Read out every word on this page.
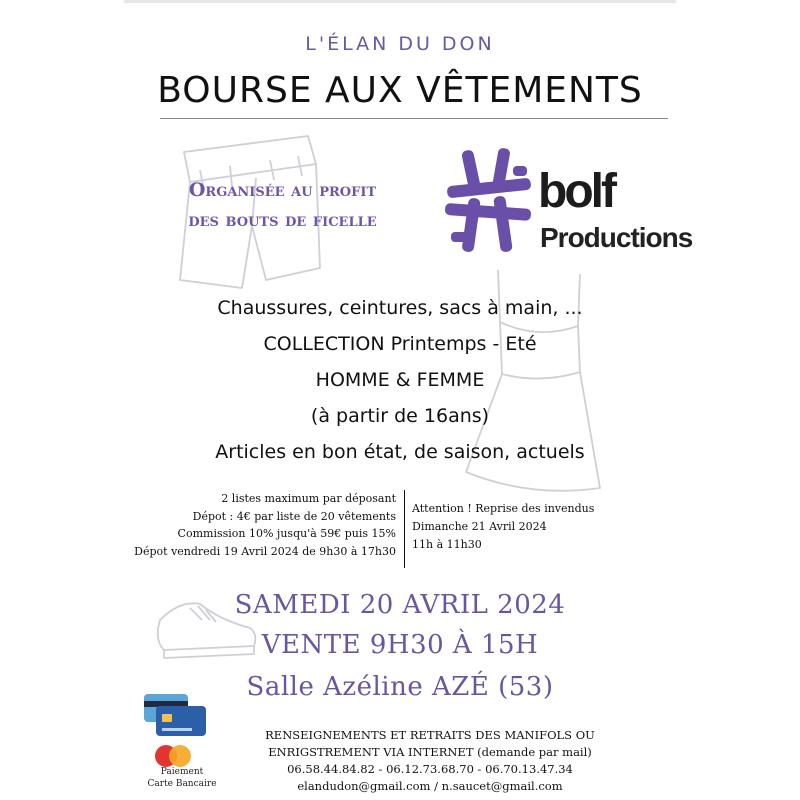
L'ÉLAN DU DON
BOURSE AUX VÊTEMENTS
Organisée au profit
des bouts de ficelle
bolf
Productions
Chaussures, ceintures, sacs à main, ...
COLLECTION Printemps - Eté
HOMME & FEMME
(à partir de 16ans)
Articles en bon état, de saison, actuels
2 listes maximum par déposant
Dépot : 4€ par liste de 20 vêtements
Commission 10% jusqu'à 59€ puis 15%
Dépot vendredi 19 Avril 2024 de 9h30 à 17h30
Attention ! Reprise des invendus
Dimanche 21 Avril 2024
11h à 11h30
SAMEDI 20 AVRIL 2024
VENTE 9H30 À 15H
Salle Azéline AZÉ (53)
Paiement
Carte Bancaire
RENSEIGNEMENTS ET RETRAITS DES MANIFOLS OU
ENRIGSTREMENT VIA INTERNET (demande par mail)
06.58.44.84.82 - 06.12.73.68.70 - 06.70.13.47.34
elandudon@gmail.com / n.saucet@gmail.com
